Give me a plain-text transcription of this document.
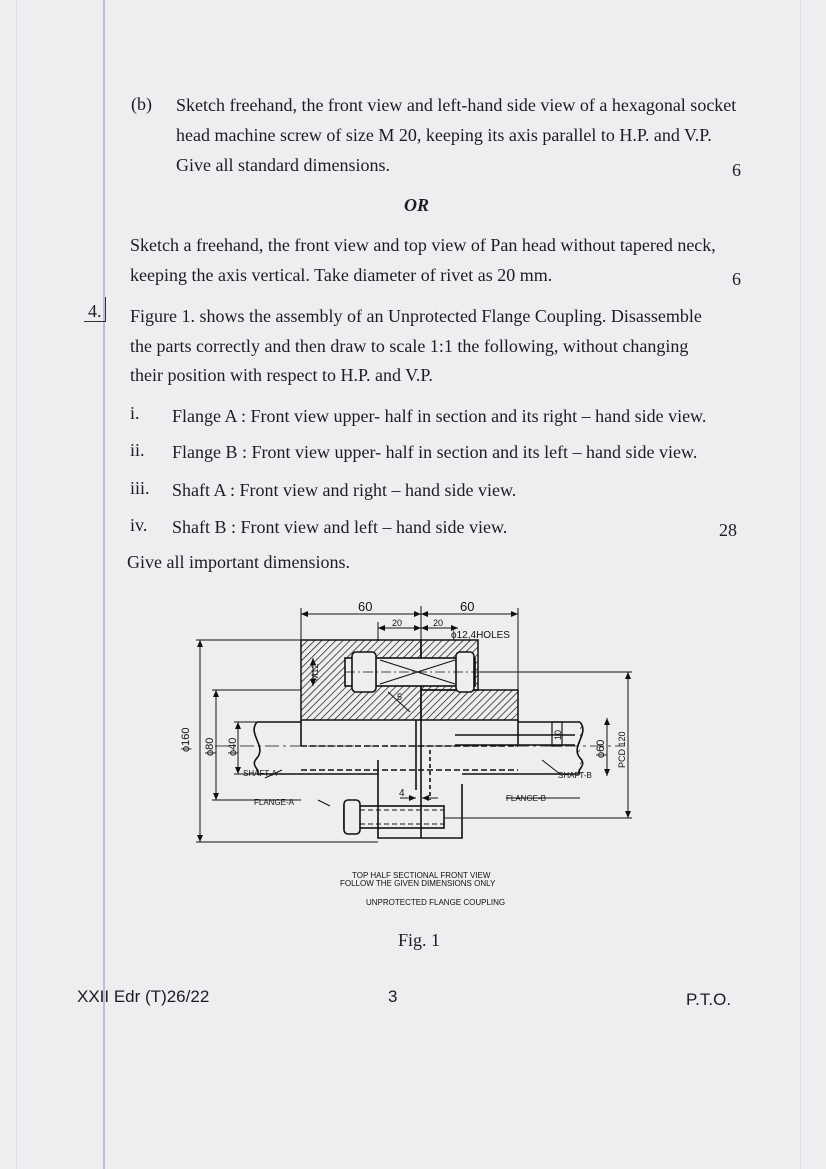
(b) Sketch freehand, the front view and left-hand side view of a hexagonal socket
head machine screw of size M 20, keeping its axis parallel to H.P. and V.P.
Give all standard dimensions.	6
OR
Sketch a freehand, the front view and top view of Pan head without tapered neck,
keeping the axis vertical. Take diameter of rivet as 20 mm.	6
4. Figure 1. shows the assembly of an Unprotected Flange Coupling. Disassemble
the parts correctly and then draw to scale 1:1 the following, without changing
their position with respect to H.P. and V.P.
i. Flange A : Front view upper- half in section and its right – hand side view.
ii. Flange B : Front view upper- half in section and its left – hand side view.
iii. Shaft A : Front view and right – hand side view.
iv. Shaft B : Front view and left – hand side view.	28
Give all important dimensions.
60	60
20	20
ϕ12,4HOLES
M12
ϕ160 ϕ80 ϕ40	ϕ60 PCD 120
10
4
5
SHAFT-A	SHAFT-B
FLANGE-A	FLANGE-B
TOP HALF SECTIONAL FRONT VIEW
FOLLOW THE GIVEN DIMENSIONS ONLY
UNPROTECTED FLANGE COUPLING
Fig. 1
XXII Edr (T)26/22	3	P.T.O.
